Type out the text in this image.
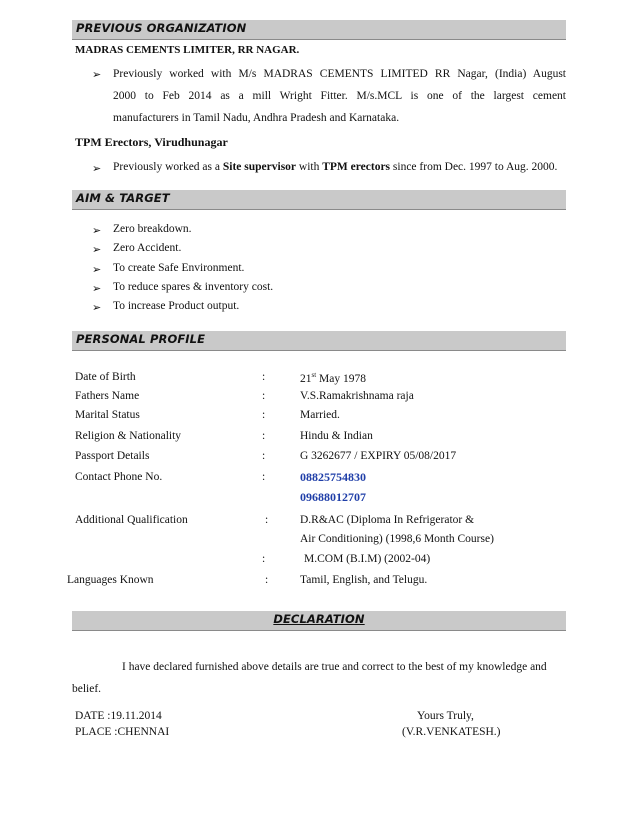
PREVIOUS ORGANIZATION
MADRAS CEMENTS LIMITER, RR NAGAR.
➢ Previously worked with M/s MADRAS CEMENTS LIMITED RR Nagar, (India) August
2000 to Feb 2014 as a mill Wright Fitter. M/s.MCL is one of the largest cement
manufacturers in Tamil Nadu, Andhra Pradesh and Karnataka.
TPM Erectors, Virudhunagar
➢ Previously worked as a Site supervisor with TPM erectors since from Dec. 1997 to Aug. 2000.
AIM & TARGET
➢ Zero breakdown.
➢ Zero Accident.
➢ To create Safe Environment.
➢ To reduce spares & inventory cost.
➢ To increase Product output.
PERSONAL PROFILE
Date of Birth	:	21st May 1978
Fathers Name	:	V.S.Ramakrishnama raja
Marital Status	:	Married.
Religion & Nationality	:	Hindu & Indian
Passport Details	:	G 3262677 / EXPIRY 05/08/2017
Contact Phone No.	:	08825754830
09688012707
Additional Qualification	:	D.R&AC (Diploma In Refrigerator &
Air Conditioning) (1998,6 Month Course)
:	M.COM (B.I.M) (2002-04)
Languages Known	:	Tamil, English, and Telugu.
DECLARATION
I have declared furnished above details are true and correct to the best of my knowledge and
belief.
DATE :19.11.2014
PLACE :CHENNAI
Yours Truly,
(V.R.VENKATESH.)
